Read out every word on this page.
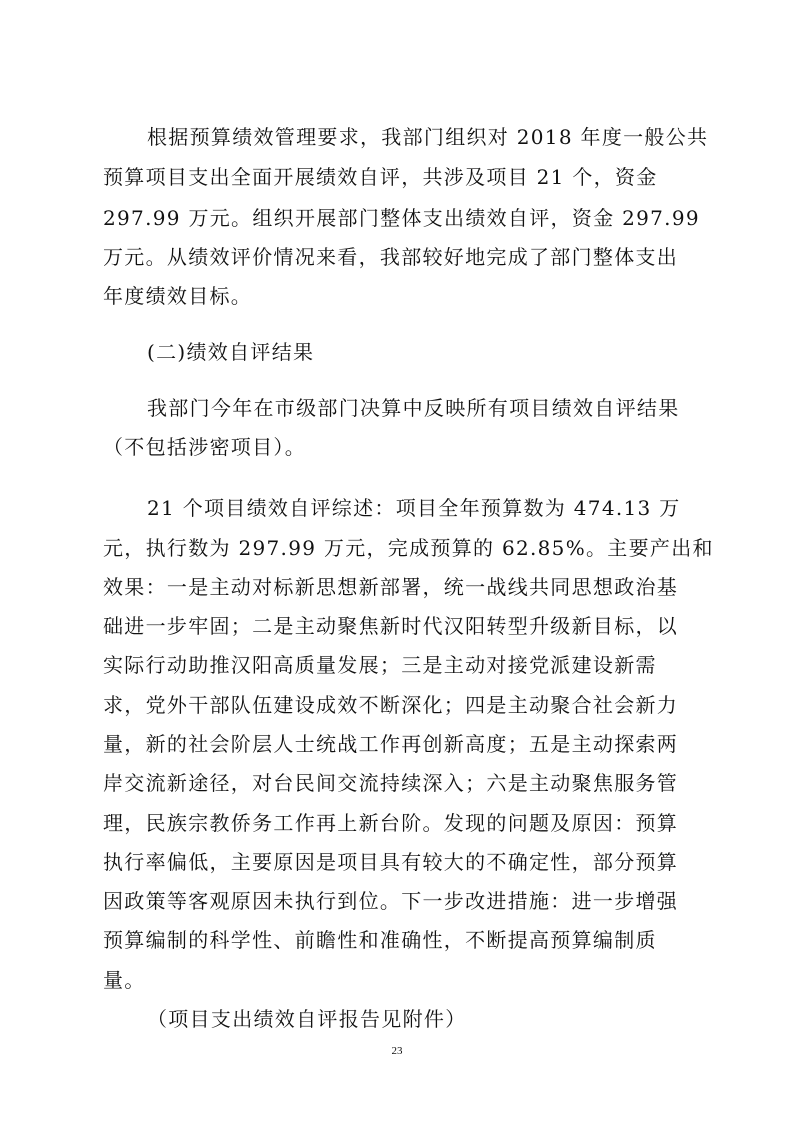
根据预算绩效管理要求，我部门组织对 2018 年度一般公共
预算项目支出全面开展绩效自评，共涉及项目 21 个，资金
297.99 万元。组织开展部门整体支出绩效自评，资金 297.99
万元。从绩效评价情况来看，我部较好地完成了部门整体支出
年度绩效目标。
(二)绩效自评结果
我部门今年在市级部门决算中反映所有项目绩效自评结果
（不包括涉密项目）。
21 个项目绩效自评综述：项目全年预算数为 474.13 万
元，执行数为 297.99 万元，完成预算的 62.85%。主要产出和
效果：一是主动对标新思想新部署，统一战线共同思想政治基
础进一步牢固；二是主动聚焦新时代汉阳转型升级新目标，以
实际行动助推汉阳高质量发展；三是主动对接党派建设新需
求，党外干部队伍建设成效不断深化；四是主动聚合社会新力
量，新的社会阶层人士统战工作再创新高度；五是主动探索两
岸交流新途径，对台民间交流持续深入；六是主动聚焦服务管
理，民族宗教侨务工作再上新台阶。发现的问题及原因：预算
执行率偏低，主要原因是项目具有较大的不确定性，部分预算
因政策等客观原因未执行到位。下一步改进措施：进一步增强
预算编制的科学性、前瞻性和准确性，不断提高预算编制质
量。
（项目支出绩效自评报告见附件）
23
